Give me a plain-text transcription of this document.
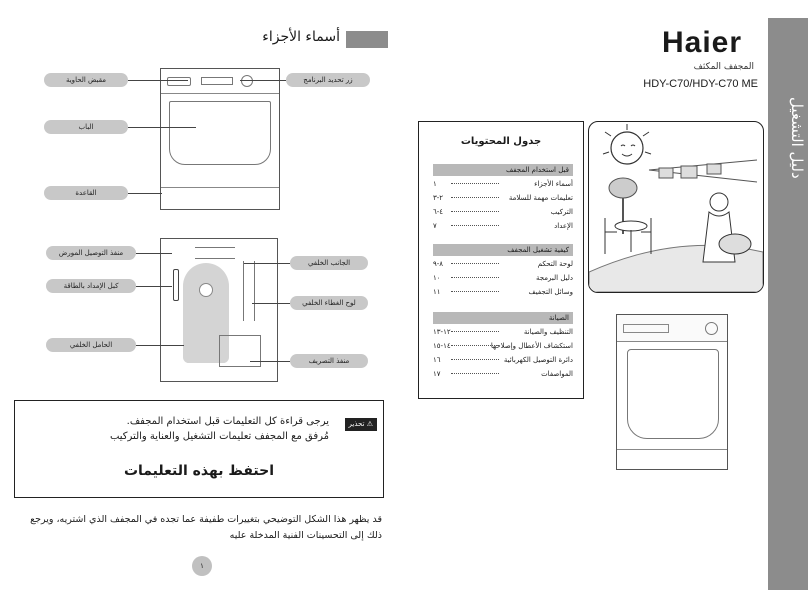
دليل التشغيل
Haier
المجفف المكثف
HDY-C70/HDY-C70 ME
أسماء الأجزاء
مقبض الحاوية	زر تحديد البرنامج
الباب
القاعدة
منفذ التوصيل المورض
كبل الإمداد بالطاقة
الحامل الخلفي
الجانب الخلفي
لوح الغطاء الخلفي
منفذ التصريف
جدول المحتويات
قبل استخدام المجفف
أسماء الأجزاء
١
تعليمات مهمة للسلامة
٢-٣
التركيب
٤-٦
الإعداد
٧
كيفية تشغيل المجفف
لوحة التحكم
٨-٩
دليل البرمجة
١٠
وسائل التجفيف
١١
الصيانة
التنظيف والصيانة
١٢-١٣
استكشاف الأعطال وإصلاحها
١٤-١٥
دائرة التوصيل الكهربائية
١٦
المواصفات
١٧
⚠ تحذير
يرجى قراءة كل التعليمات قبل استخدام المجفف.
مُرفق مع المجفف تعليمات التشغيل والعناية والتركيب
احتفظ بهذه التعليمات
قد يظهر هذا الشكل التوضيحي بتغييرات طفيفة عما تجده في المجفف الذي اشتريه، ويرجع ذلك إلى التحسينات الفنية المدخلة عليه
١
